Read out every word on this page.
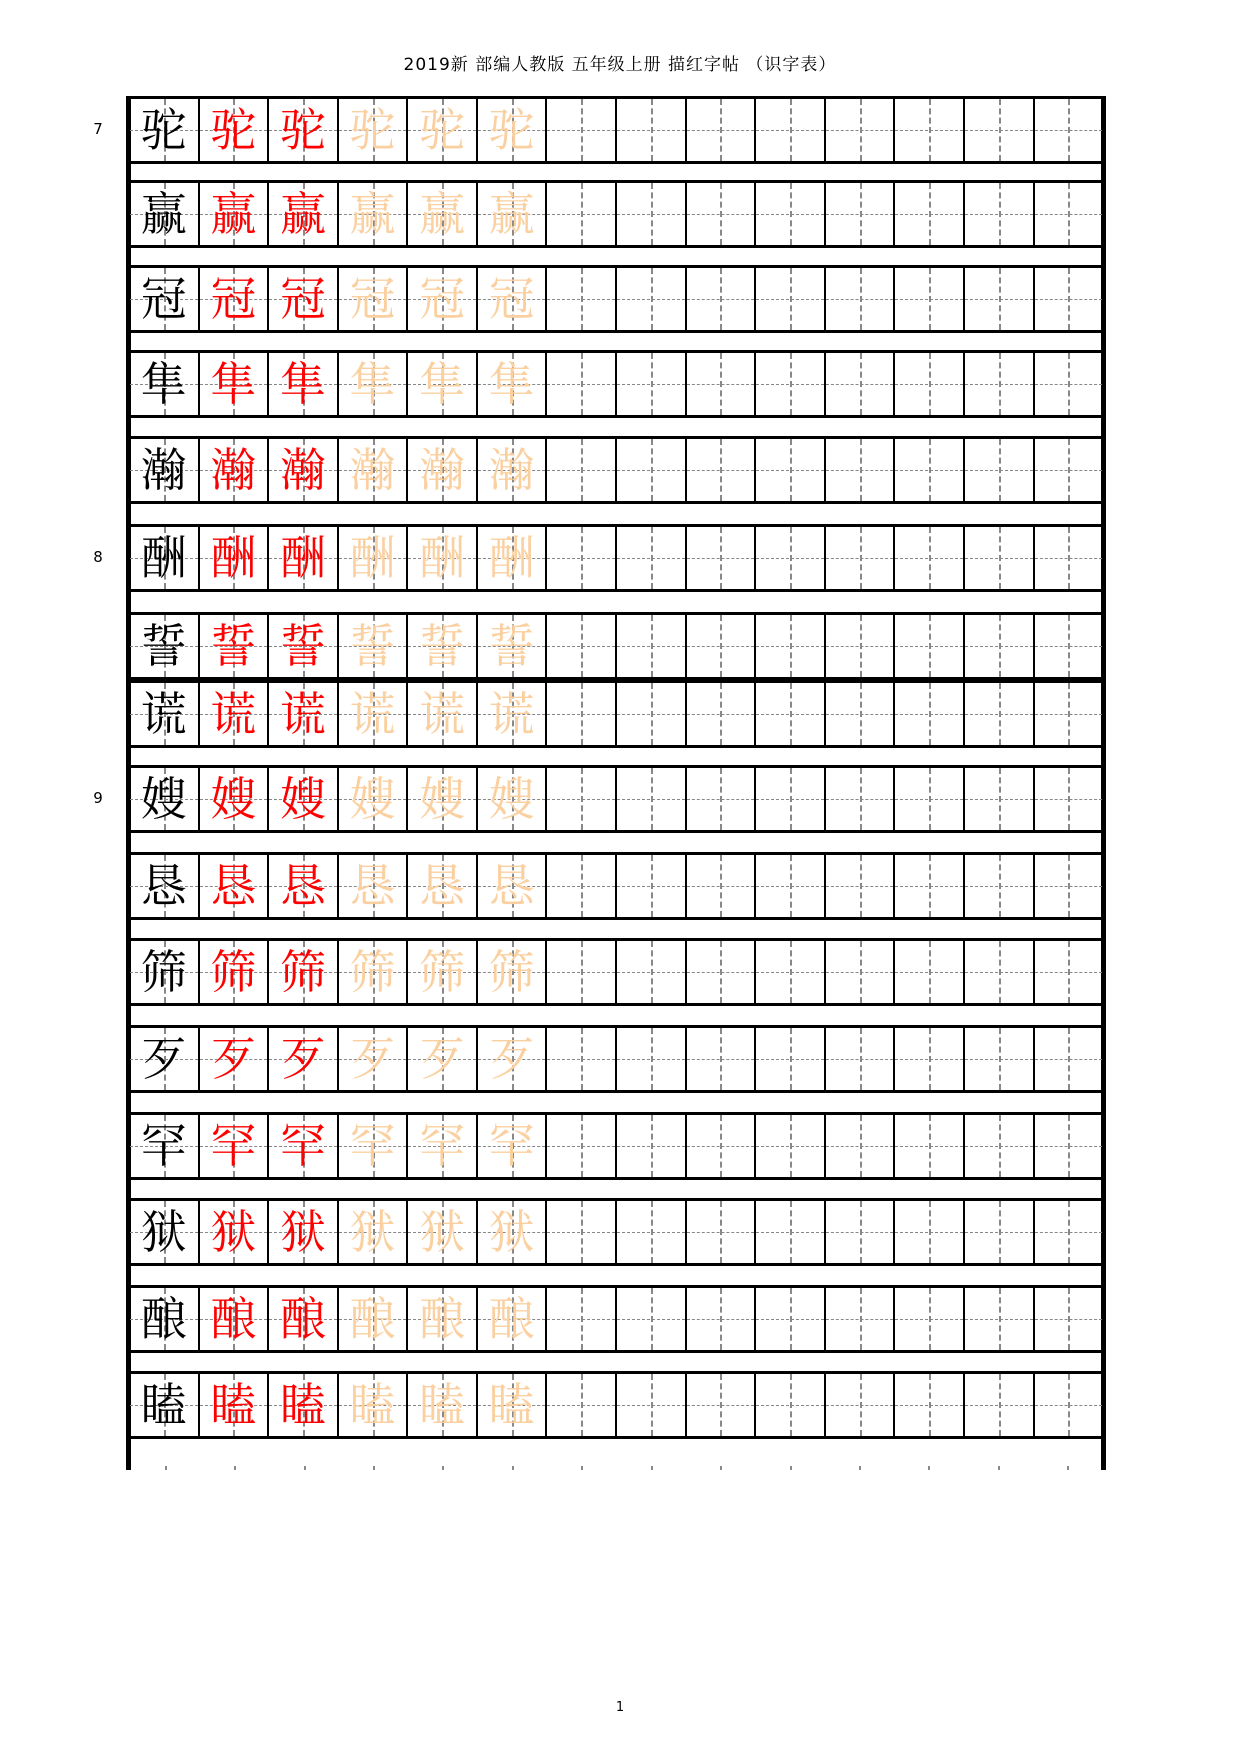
2019新 部编人教版 五年级上册 描红字帖 （识字表）
7
8
9
驼 驼 驼 驼 驼 驼
赢 赢 赢 赢 赢 赢
冠 冠 冠 冠 冠 冠
隼 隼 隼 隼 隼 隼
瀚 瀚 瀚 瀚 瀚 瀚
酬 酬 酬 酬 酬 酬
誓 誓 誓 誓 誓 誓
谎 谎 谎 谎 谎 谎
嫂 嫂 嫂 嫂 嫂 嫂
恳 恳 恳 恳 恳 恳
筛 筛 筛 筛 筛 筛
歹 歹 歹 歹 歹 歹
罕 罕 罕 罕 罕 罕
狱 狱 狱 狱 狱 狱
酿 酿 酿 酿 酿 酿
瞌 瞌 瞌 瞌 瞌 瞌
1
